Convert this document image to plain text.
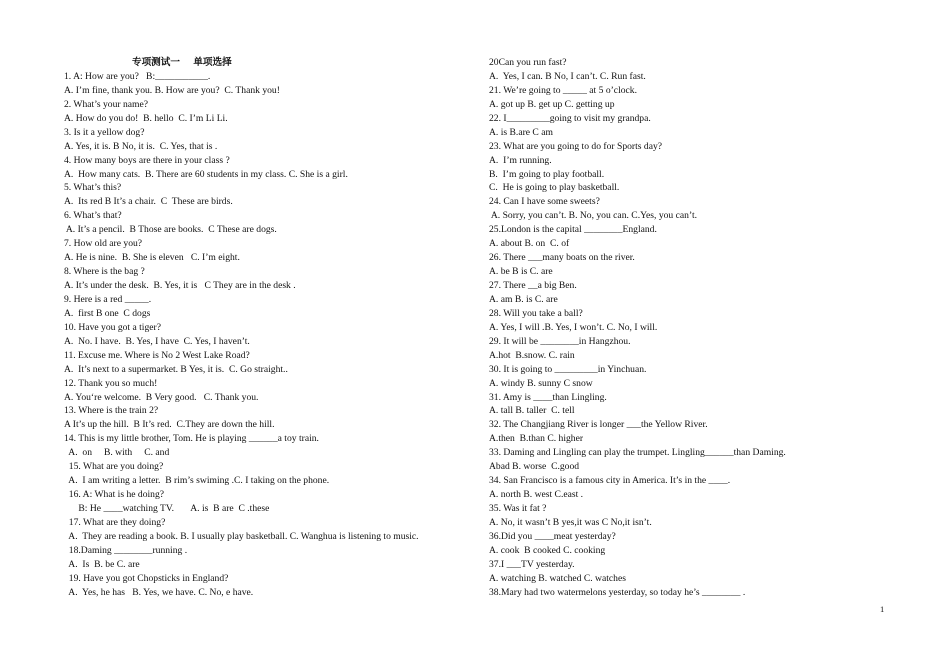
专项测试一    单项选择
1. A: How are you?   B:___________.
A. I’m fine, thank you. B. How are you?  C. Thank you!
2. What’s your name?
A. How do you do!  B. hello  C. I’m Li Li.
3. Is it a yellow dog?
A. Yes, it is. B No, it is.  C. Yes, that is .
4. How many boys are there in your class ?
A.  How many cats.  B. There are 60 students in my class. C. She is a girl.
5. What’s this?
A.  Its red B It’s a chair.  C  These are birds.
6. What’s that?
A. It’s a pencil.  B Those are books.  C These are dogs.
7. How old are you?
A. He is nine.  B. She is eleven   C. I’m eight.
8. Where is the bag ?
A. It’s under the desk.  B. Yes, it is   C They are in the desk .
9. Here is a red _____.
A.  first B one  C dogs
10. Have you got a tiger?
A.  No. I have.  B. Yes, I have  C. Yes, I haven’t.
11. Excuse me. Where is No 2 West Lake Road?
A.  It’s next to a supermarket. B Yes, it is.  C. Go straight..
12. Thank you so much!
A. You‘re welcome.  B Very good.   C. Thank you.
13. Where is the train 2?
A It’s up the hill.  B It’s red.  C.They are down the hill.
14. This is my little brother, Tom. He is playing ______a toy train.
A.  on     B. with     C. and
15. What are you doing?
A.  I am writing a letter.  B rim’s swiming .C. I taking on the phone.
16. A: What is he doing?
B: He ____watching TV.       A. is  B are  C .these
17. What are they doing?
A.  They are reading a book. B. I usually play basketball. C. Wanghua is listening to music.
18.Daming ________running .
A.  Is  B. be C. are
19. Have you got Chopsticks in England?
A.  Yes, he has   B. Yes, we have. C. No, e have.
20Can you run fast?
A.  Yes, I can. B No, I can’t. C. Run fast.
21. We’re going to _____ at 5 o’clock.
A. got up B. get up C. getting up
22. I_________going to visit my grandpa.
A. is B.are C am
23. What are you going to do for Sports day?
A.  I’m running.
B.  I’m going to play football.
C.  He is going to play basketball.
24. Can I have some sweets?
A. Sorry, you can’t. B. No, you can. C.Yes, you can’t.
25.London is the capital ________England.
A. about B. on  C. of
26. There ___many boats on the river.
A. be B is C. are
27. There __a big Ben.
A. am B. is C. are
28. Will you take a ball?
A. Yes, I will .B. Yes, I won’t. C. No, I will.
29. It will be ________in Hangzhou.
A.hot  B.snow. C. rain
30. It is going to _________in Yinchuan.
A. windy B. sunny C snow
31. Amy is ____than Lingling.
A. tall B. taller  C. tell
32. The Changjiang River is longer ___the Yellow River.
A.then  B.than C. higher
33. Daming and Lingling can play the trumpet. Lingling______than Daming.
Abad B. worse  C.good
34. San Francisco is a famous city in America. It’s in the ____.
A. north B. west C.east .
35. Was it fat ?
A. No, it wasn’t B yes,it was C No,it isn’t.
36.Did you ____meat yesterday?
A. cook  B cooked C. cooking
37.I ___TV yesterday.
A. watching B. watched C. watches
38.Mary had two watermelons yesterday, so today he’s ________ .
1
